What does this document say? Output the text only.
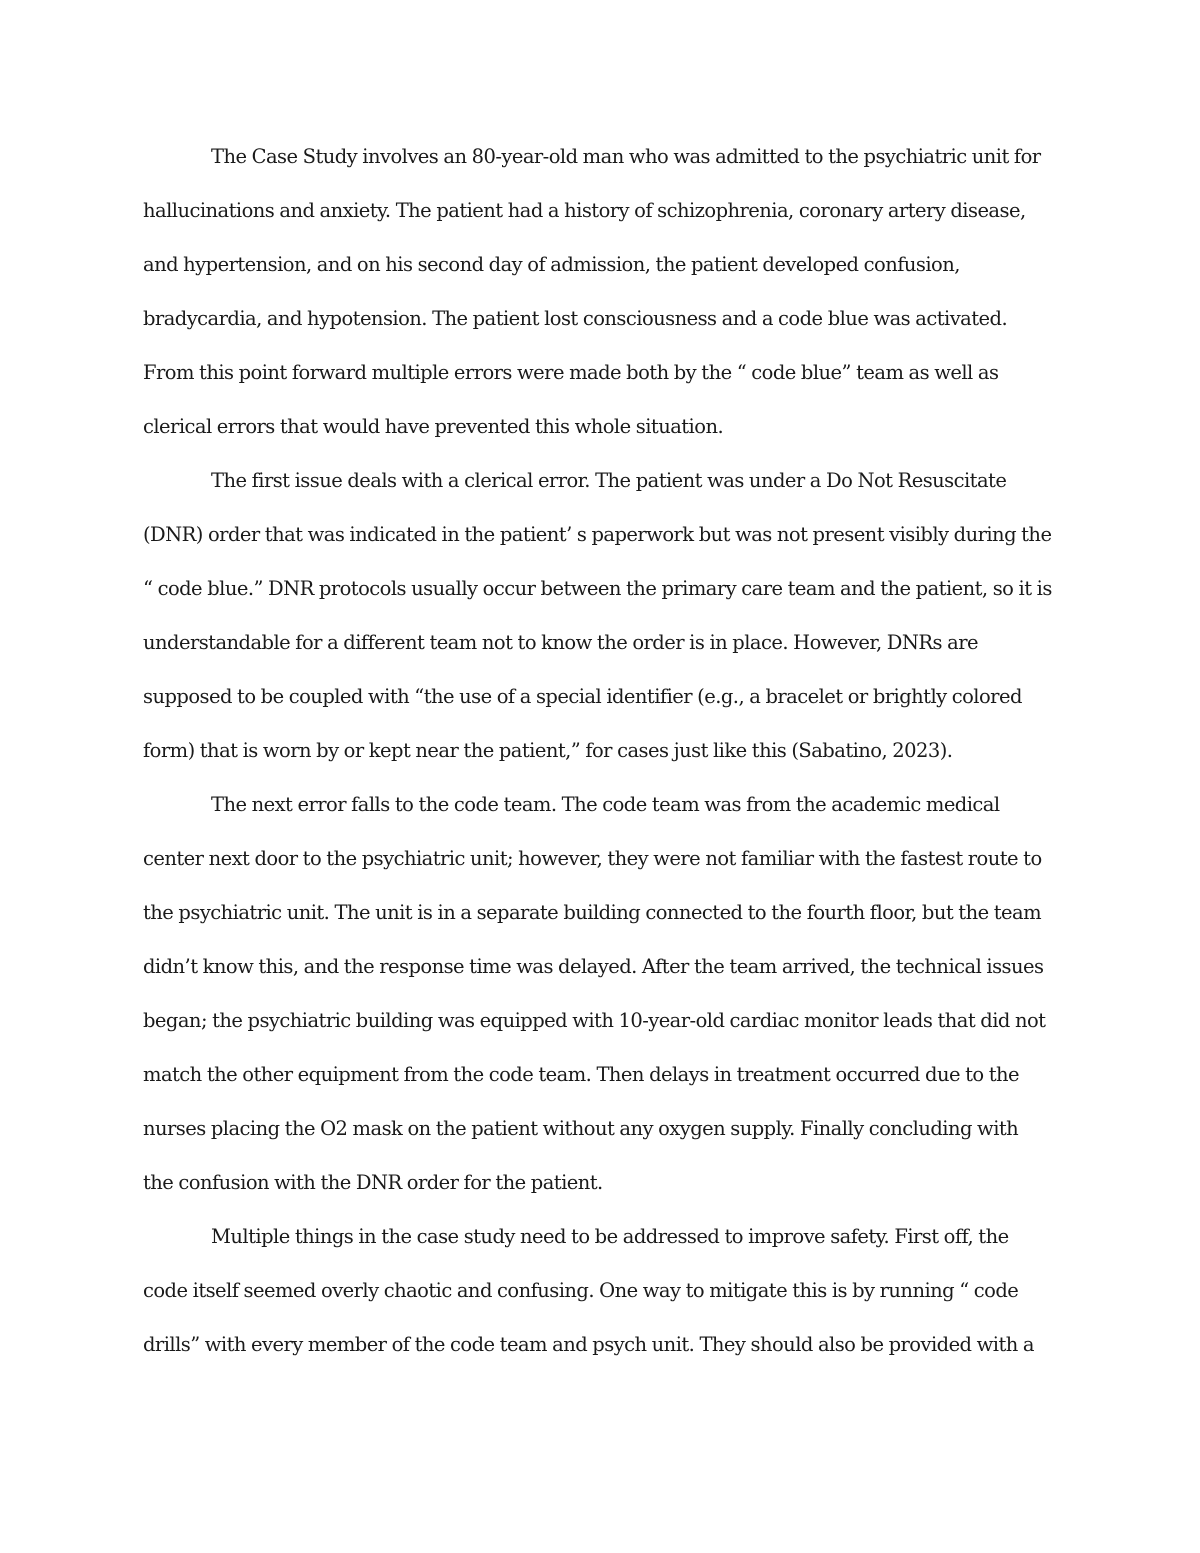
The Case Study involves an 80-year-old man who was admitted to the psychiatric unit for
hallucinations and anxiety. The patient had a history of schizophrenia, coronary artery disease,
and hypertension, and on his second day of admission, the patient developed confusion,
bradycardia, and hypotension. The patient lost consciousness and a code blue was activated.
From this point forward multiple errors were made both by the “ code blue” team as well as
clerical errors that would have prevented this whole situation.
The first issue deals with a clerical error. The patient was under a Do Not Resuscitate
(DNR) order that was indicated in the patient’ s paperwork but was not present visibly during the
“ code blue.” DNR protocols usually occur between the primary care team and the patient, so it is
understandable for a different team not to know the order is in place. However, DNRs are
supposed to be coupled with “the use of a special identifier (e.g., a bracelet or brightly colored
form) that is worn by or kept near the patient,” for cases just like this (Sabatino, 2023).
The next error falls to the code team. The code team was from the academic medical
center next door to the psychiatric unit; however, they were not familiar with the fastest route to
the psychiatric unit. The unit is in a separate building connected to the fourth floor, but the team
didn’t know this, and the response time was delayed. After the team arrived, the technical issues
began; the psychiatric building was equipped with 10-year-old cardiac monitor leads that did not
match the other equipment from the code team. Then delays in treatment occurred due to the
nurses placing the O2 mask on the patient without any oxygen supply. Finally concluding with
the confusion with the DNR order for the patient.
Multiple things in the case study need to be addressed to improve safety. First off, the
code itself seemed overly chaotic and confusing. One way to mitigate this is by running “ code
drills” with every member of the code team and psych unit. They should also be provided with a
